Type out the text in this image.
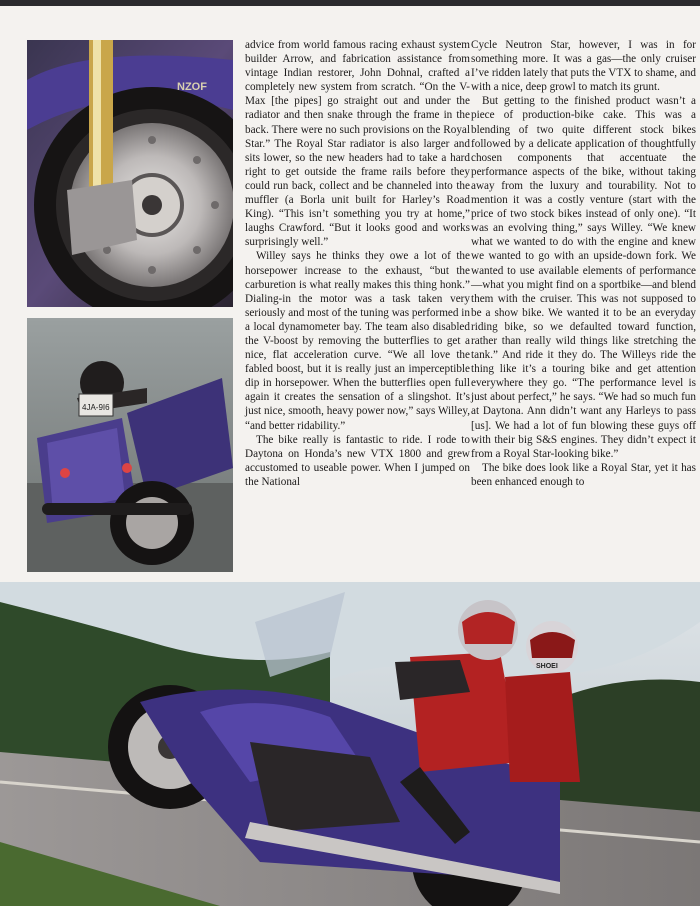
NZOF
4JA-9I6

advice from world famous racing exhaust system builder Arrow, and fabrication assistance from vintage Indian restorer, John Dohnal, crafted a completely new system from scratch. “On the V-Max [the pipes] go straight out and under the radiator and then snake through the frame in the back. There were no such provisions on the Royal Star.” The Royal Star radiator is also larger and sits lower, so the new headers had to take a hard right to get outside the frame rails before they could run back, collect and be channeled into the muffler (a Borla unit built for Harley’s Road King). “This isn’t something you try at home,” laughs Crawford. “But it looks good and works surprisingly well.”

Willey says he thinks they owe a lot of the horsepower increase to the exhaust, “but the carburetion is what really makes this thing honk.” Dialing-in the motor was a task taken very seriously and most of the tuning was performed in a local dynamometer bay. The team also disabled the V-boost by removing the butterflies to get a nice, flat acceleration curve. “We all love the fabled boost, but it is really just an imperceptible dip in horsepower. When the butterflies open full again it creates the sensation of a slingshot. It’s just nice, smooth, heavy power now,” says Willey, “and better ridability.”

The bike really is fantastic to ride. I rode to Daytona on Honda’s new VTX 1800 and grew accustomed to useable power. When I jumped on the National

Cycle Neutron Star, however, I was in for something more. It was a gas—the only cruiser I’ve ridden lately that puts the VTX to shame, and with a nice, deep growl to match its grunt.

But getting to the finished product wasn’t a piece of production-bike cake. This was a blending of two quite different stock bikes followed by a delicate application of thoughtfully chosen components that accentuate the performance aspects of the bike, without taking away from the luxury and tourability. Not to mention it was a costly venture (start with the price of two stock bikes instead of only one). “It was an evolving thing,” says Willey. “We knew what we wanted to do with the engine and knew we wanted to go with an upside-down fork. We wanted to use available elements of performance—what you might find on a sportbike—and blend them with the cruiser. This was not supposed to be a show bike. We wanted it to be an everyday riding bike, so we defaulted toward function, rather than really wild things like stretching the tank.” And ride it they do. The Willeys ride the thing like it’s a touring bike and get attention everywhere they go. “The performance level is just about perfect,” he says. “We had so much fun at Daytona. Ann didn’t want any Harleys to pass [us]. We had a lot of fun blowing these guys off with their big S&S engines. They didn’t expect it from a Royal Star-looking bike.”

The bike does look like a Royal Star, yet it has been enhanced enough to

SHOEI
